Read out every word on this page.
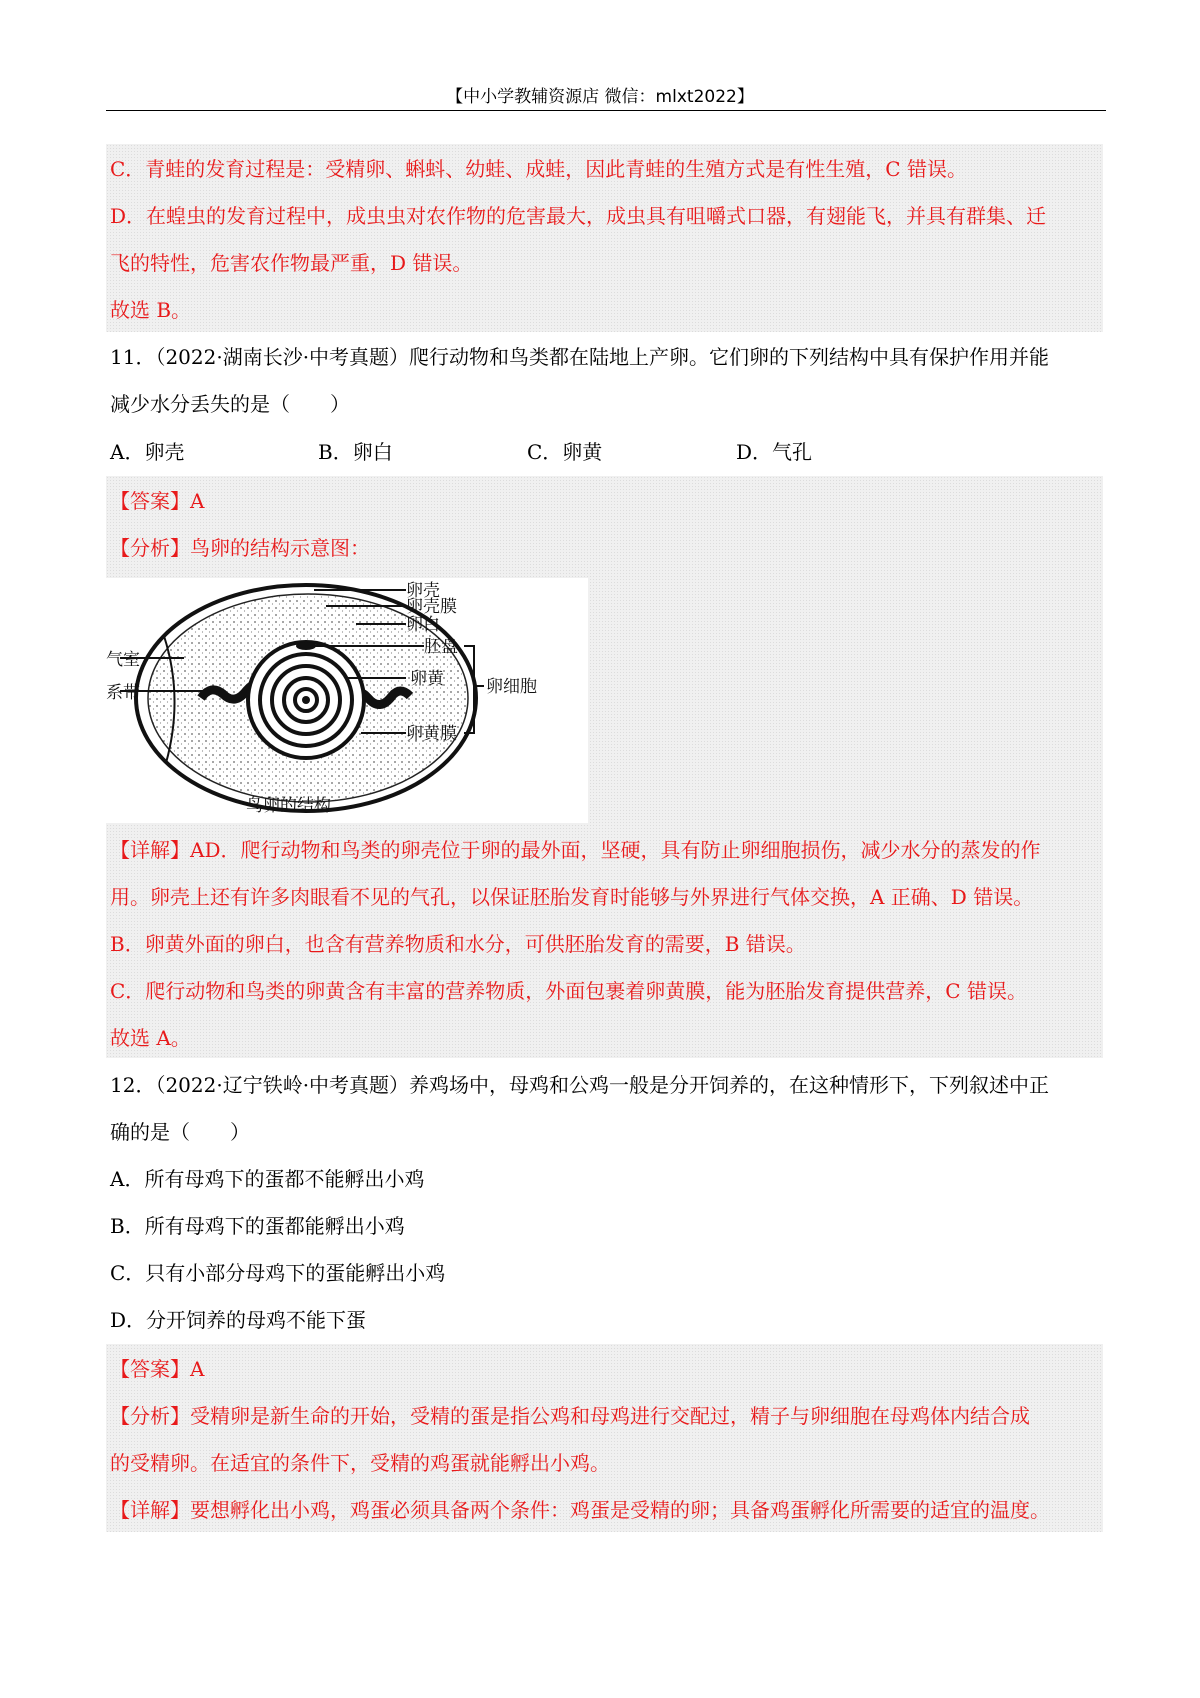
【中小学教辅资源店 微信：mlxt2022】
C．青蛙的发育过程是：受精卵、蝌蚪、幼蛙、成蛙，因此青蛙的生殖方式是有性生殖，C 错误。
D．在蝗虫的发育过程中，成虫虫对农作物的危害最大，成虫具有咀嚼式口器，有翅能飞，并具有群集、迁
飞的特性，危害农作物最严重，D 错误。
故选 B。
11．（2022·湖南长沙·中考真题）爬行动物和鸟类都在陆地上产卵。它们卵的下列结构中具有保护作用并能
减少水分丢失的是（　　）
A．卵壳	B．卵白	C．卵黄	D．气孔
【答案】A
【分析】鸟卵的结构示意图：
卵壳
卵壳膜
卵白
胚盘
卵黄
卵黄膜
气室
系带	卵细胞
鸟卵的结构
【详解】AD．爬行动物和鸟类的卵壳位于卵的最外面，坚硬，具有防止卵细胞损伤，减少水分的蒸发的作
用。卵壳上还有许多肉眼看不见的气孔，以保证胚胎发育时能够与外界进行气体交换，A 正确、D 错误。
B．卵黄外面的卵白，也含有营养物质和水分，可供胚胎发育的需要，B 错误。
C．爬行动物和鸟类的卵黄含有丰富的营养物质，外面包裹着卵黄膜，能为胚胎发育提供营养，C 错误。
故选 A。
12．（2022·辽宁铁岭·中考真题）养鸡场中，母鸡和公鸡一般是分开饲养的，在这种情形下，下列叙述中正
确的是（　　）
A．所有母鸡下的蛋都不能孵出小鸡
B．所有母鸡下的蛋都能孵出小鸡
C．只有小部分母鸡下的蛋能孵出小鸡
D．分开饲养的母鸡不能下蛋
【答案】A
【分析】受精卵是新生命的开始，受精的蛋是指公鸡和母鸡进行交配过，精子与卵细胞在母鸡体内结合成
的受精卵。在适宜的条件下，受精的鸡蛋就能孵出小鸡。
【详解】要想孵化出小鸡，鸡蛋必须具备两个条件：鸡蛋是受精的卵；具备鸡蛋孵化所需要的适宜的温度。
